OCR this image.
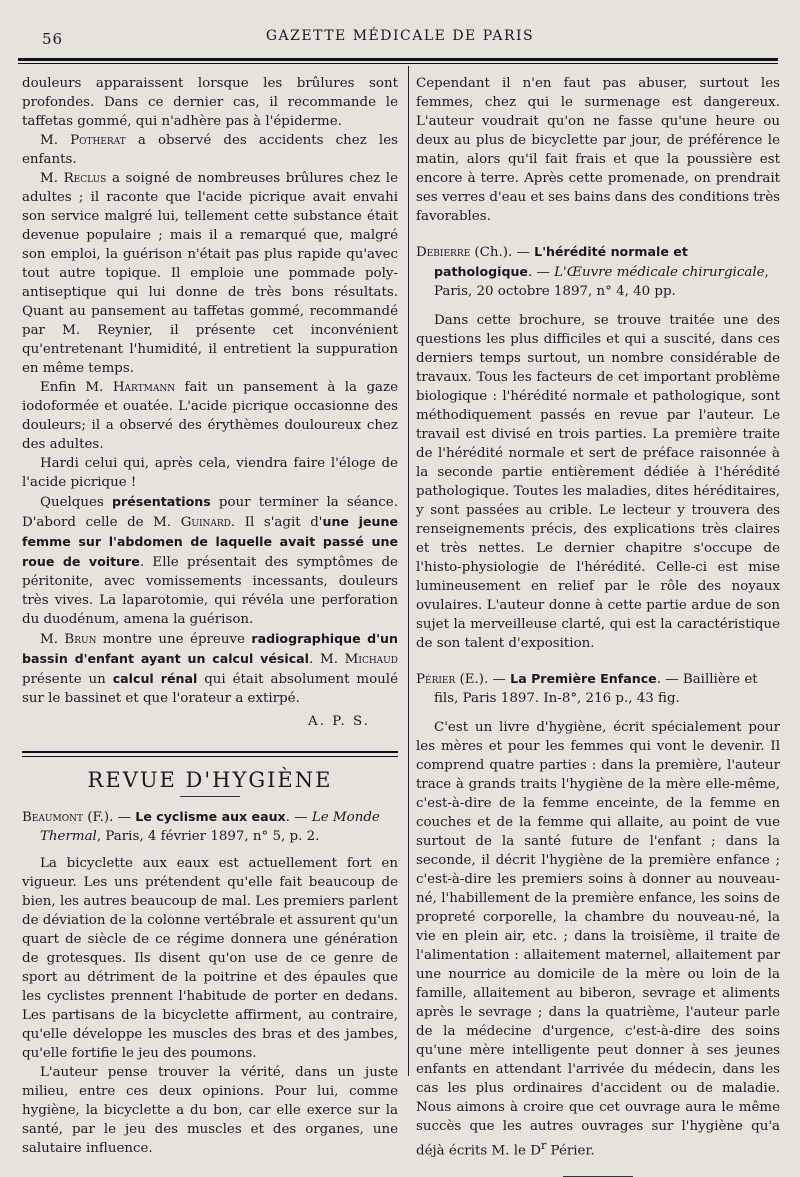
56	GAZETTE MÉDICALE DE PARIS

douleurs apparaissent lorsque les brûlures sont profondes. Dans ce dernier cas, il recommande le taffetas gommé, qui n'adhère pas à l'épiderme.

M. Potherat a observé des accidents chez les enfants.

M. Reclus a soigné de nombreuses brûlures chez le adultes ; il raconte que l'acide picrique avait envahi son service malgré lui, tellement cette substance était devenue populaire ; mais il a remarqué que, malgré son emploi, la guérison n'était pas plus rapide qu'avec tout autre topique. Il emploie une pommade poly-antiseptique qui lui donne de très bons résultats. Quant au pansement au taffetas gommé, recommandé par M. Reynier, il présente cet inconvénient qu'entretenant l'humidité, il entretient la suppuration en même temps.

Enfin M. Hartmann fait un pansement à la gaze iodoformée et ouatée. L'acide picrique occasionne des douleurs; il a observé des érythèmes douloureux chez des adultes.

Hardi celui qui, après cela, viendra faire l'éloge de l'acide picrique !

Quelques présentations pour terminer la séance. D'abord celle de M. Guinard. Il s'agit d'une jeune femme sur l'abdomen de laquelle avait passé une roue de voiture. Elle présentait des symptômes de péritonite, avec vomissements incessants, douleurs très vives. La laparotomie, qui révéla une perforation du duodénum, amena la guérison.

M. Brun montre une épreuve radiographique d'un bassin d'enfant ayant un calcul vésical. M. Michaud présente un calcul rénal qui était absolument moulé sur le bassinet et que l'orateur a extirpé.

A. P. S.
REVUE D'HYGIÈNE

Beaumont (F.). — Le cyclisme aux eaux. — Le Monde Thermal, Paris, 4 février 1897, n° 5, p. 2.

La bicyclette aux eaux est actuellement fort en vigueur. Les uns prétendent qu'elle fait beaucoup de bien, les autres beaucoup de mal. Les premiers parlent de déviation de la colonne vertébrale et assurent qu'un quart de siècle de ce régime donnera une génération de grotesques. Ils disent qu'on use de ce genre de sport au détriment de la poitrine et des épaules que les cyclistes prennent l'habitude de porter en dedans. Les partisans de la bicyclette affirment, au contraire, qu'elle développe les muscles des bras et des jambes, qu'elle fortifie le jeu des poumons.

L'auteur pense trouver la vérité, dans un juste milieu, entre ces deux opinions. Pour lui, comme hygiène, la bicyclette a du bon, car elle exerce sur la santé, par le jeu des muscles et des organes, une salutaire influence.

Cependant il n'en faut pas abuser, surtout les femmes, chez qui le surmenage est dangereux. L'auteur voudrait qu'on ne fasse qu'une heure ou deux au plus de bicyclette par jour, de préférence le matin, alors qu'il fait frais et que la poussière est encore à terre. Après cette promenade, on prendrait ses verres d'eau et ses bains dans des conditions très favorables.

Debierre (Ch.). — L'hérédité normale et pathologique. — L'Œuvre médicale chirurgicale, Paris, 20 octobre 1897, n° 4, 40 pp.

Dans cette brochure, se trouve traitée une des questions les plus difficiles et qui a suscité, dans ces derniers temps surtout, un nombre considérable de travaux. Tous les facteurs de cet important problème biologique : l'hérédité normale et pathologique, sont méthodiquement passés en revue par l'auteur. Le travail est divisé en trois parties. La première traite de l'hérédité normale et sert de préface raisonnée à la seconde partie entièrement dédiée à l'hérédité pathologique. Toutes les maladies, dites héréditaires, y sont passées au crible. Le lecteur y trouvera des renseignements précis, des explications très claires et très nettes. Le dernier chapitre s'occupe de l'histo-physiologie de l'hérédité. Celle-ci est mise lumineusement en relief par le rôle des noyaux ovulaires. L'auteur donne à cette partie ardue de son sujet la merveilleuse clarté, qui est la caractéristique de son talent d'exposition.

Périer (E.). — La Première Enfance. — Baillière et fils, Paris 1897. In-8°, 216 p., 43 fig.

C'est un livre d'hygiène, écrit spécialement pour les mères et pour les femmes qui vont le devenir. Il comprend quatre parties : dans la première, l'auteur trace à grands traits l'hygiène de la mère elle-même, c'est-à-dire de la femme enceinte, de la femme en couches et de la femme qui allaite, au point de vue surtout de la santé future de l'enfant ; dans la seconde, il décrit l'hygiène de la première enfance ; c'est-à-dire les premiers soins à donner au nouveau-né, l'habillement de la première enfance, les soins de propreté corporelle, la chambre du nouveau-né, la vie en plein air, etc. ; dans la troisième, il traite de l'alimentation : allaitement maternel, allaitement par une nourrice au domicile de la mère ou loin de la famille, allaitement au biberon, sevrage et aliments après le sevrage ; dans la quatrième, l'auteur parle de la médecine d'urgence, c'est-à-dire des soins qu'une mère intelligente peut donner à ses jeunes enfants en attendant l'arrivée du médecin, dans les cas les plus ordinaires d'accident ou de maladie. Nous aimons à croire que cet ouvrage aura le même succès que les autres ouvrages sur l'hygiène qu'a déjà écrits M. le $D^r$ Périer.
